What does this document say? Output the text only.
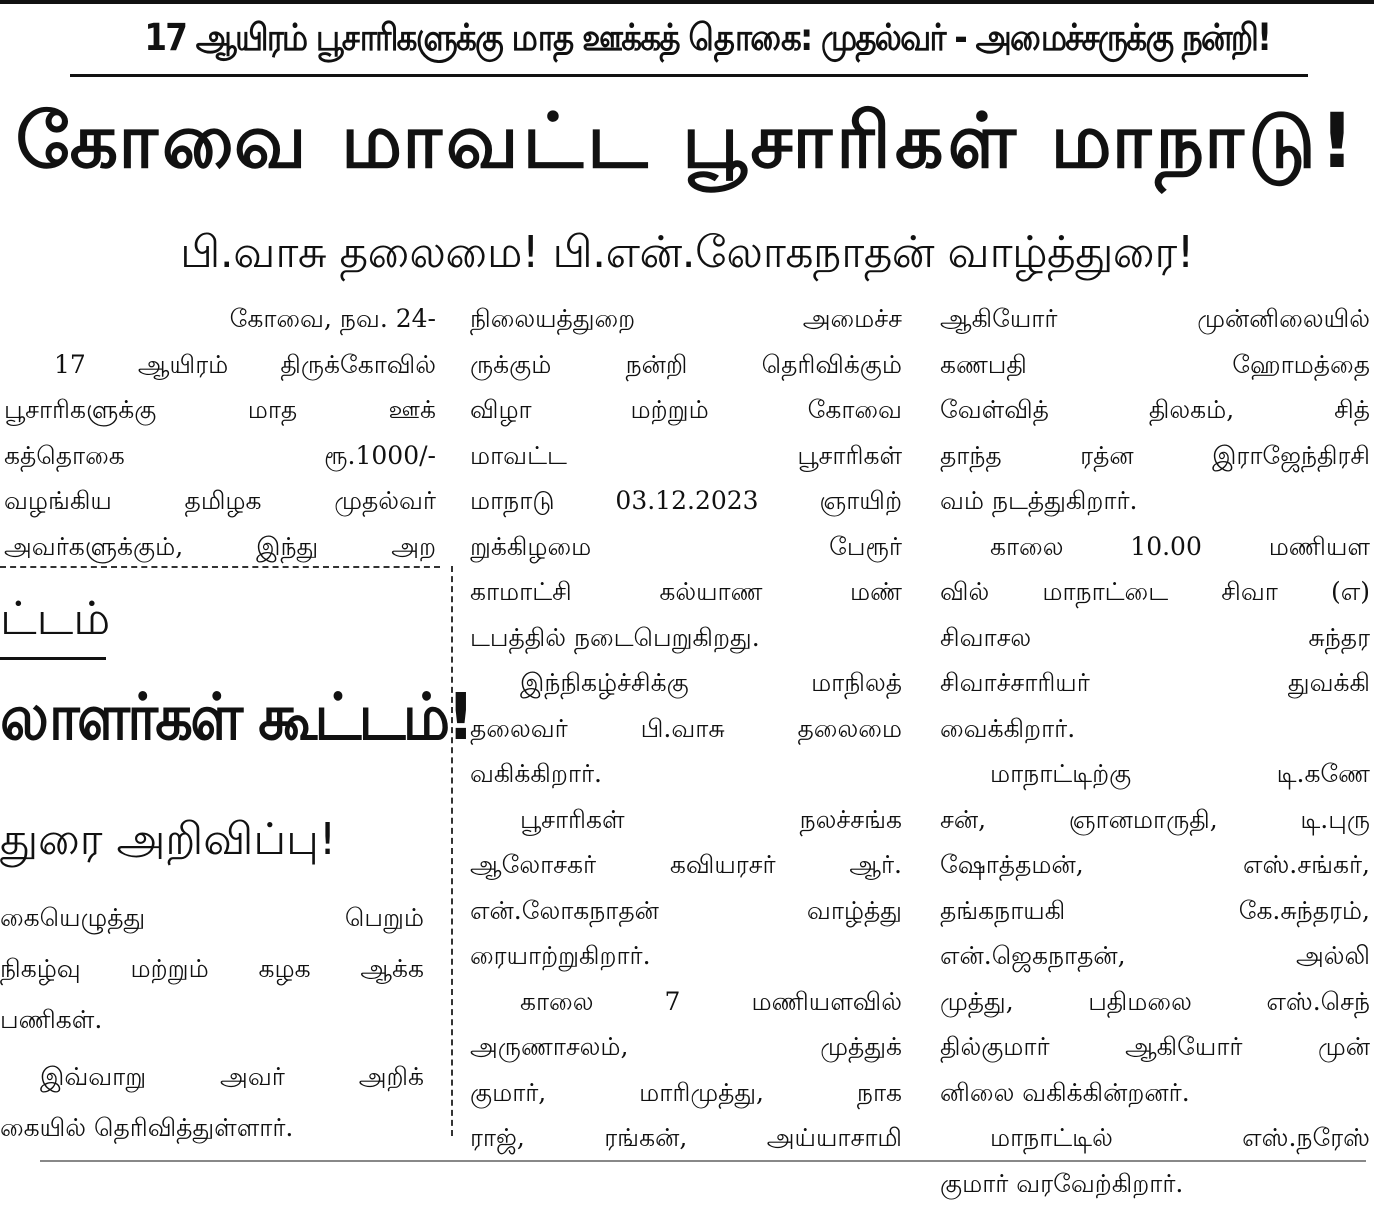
17 ஆயிரம் பூசாரிகளுக்கு மாத ஊக்கத் தொகை: முதல்வர் - அமைச்சருக்கு நன்றி!
கோவை மாவட்ட பூசாரிகள் மாநாடு!
பி.வாசு தலைமை! பி.என்.லோகநாதன் வாழ்த்துரை!

கோவை, நவ. 24-

17 ஆயிரம் திருக்கோவில்

பூசாரிகளுக்கு மாத ஊக்

கத்தொகை ரூ.1000/-

வழங்கிய தமிழக முதல்வர்

அவர்களுக்கும், இந்து அற

ட்டம்
லாளர்கள் கூட்டம்!
துரை அறிவிப்பு!

கையெழுத்து பெறும்

நிகழ்வு மற்றும் கழக ஆக்க

பணிகள்.

இவ்வாறு அவர் அறிக்

கையில் தெரிவித்துள்ளார்.

நிலையத்துறை அமைச்ச

ருக்கும் நன்றி தெரிவிக்கும்

விழா மற்றும் கோவை

மாவட்ட பூசாரிகள்

மாநாடு 03.12.2023 ஞாயிற்

றுக்கிழமை பேரூர்

காமாட்சி கல்யாண மண்

டபத்தில் நடைபெறுகிறது.

இந்நிகழ்ச்சிக்கு மாநிலத்

தலைவர் பி.வாசு தலைமை

வகிக்கிறார்.

பூசாரிகள் நலச்சங்க

ஆலோசகர் கவியரசர் ஆர்.

என்.லோகநாதன் வாழ்த்து

ரையாற்றுகிறார்.

காலை 7 மணியளவில்

அருணாசலம், முத்துக்

குமார், மாரிமுத்து, நாக

ராஜ், ரங்கன், அய்யாசாமி

ஆகியோர் முன்னிலையில்

கணபதி ஹோமத்தை

வேள்வித் திலகம், சித்

தாந்த ரத்ன இராஜேந்திரசி

வம் நடத்துகிறார்.

காலை 10.00 மணியள

வில் மாநாட்டை சிவா (எ)

சிவாசல சுந்தர

சிவாச்சாரியர் துவக்கி

வைக்கிறார்.

மாநாட்டிற்கு டி.கணே

சன், ஞானமாருதி, டி.புரு

ஷோத்தமன், எஸ்.சங்கர்,

தங்கநாயகி கே.சுந்தரம்,

என்.ஜெகநாதன், அல்லி

முத்து, பதிமலை எஸ்.செந்

தில்குமார் ஆகியோர் முன்

னிலை வகிக்கின்றனர்.

மாநாட்டில் எஸ்.நரேஸ்

குமார் வரவேற்கிறார்.
